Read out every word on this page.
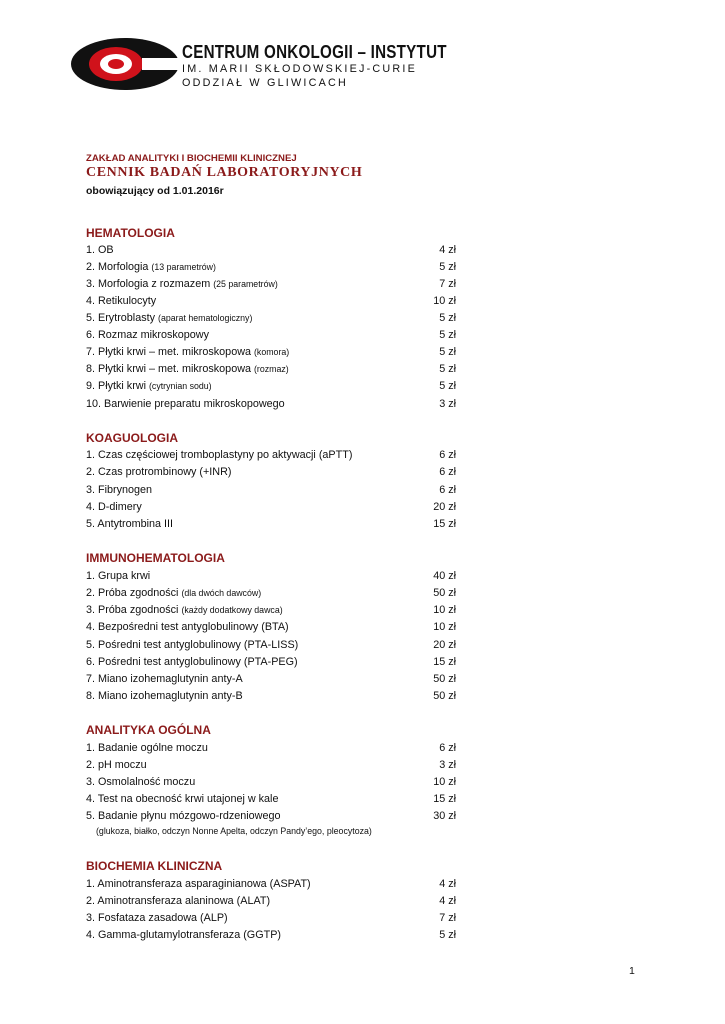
CENTRUM ONKOLOGII – INSTYTUT
IM. MARII SKŁODOWSKIEJ-CURIE
ODDZIAŁ W GLIWICACH
ZAKŁAD ANALITYKI I BIOCHEMII KLINICZNEJ
CENNIK BADAŃ LABORATORYJNYCH
obowiązujący od 1.01.2016r
HEMATOLOGIA
1. OB	4 zł
2. Morfologia (13 parametrów)	5 zł
3. Morfologia z rozmazem (25 parametrów)	7 zł
4. Retikulocyty	10 zł
5. Erytroblasty (aparat hematologiczny)	5 zł
6. Rozmaz mikroskopowy	5 zł
7. Płytki krwi – met. mikroskopowa (komora)	5 zł
8. Płytki krwi – met. mikroskopowa (rozmaz)	5 zł
9. Płytki krwi (cytrynian sodu)	5 zł
10. Barwienie preparatu mikroskopowego	3 zł
KOAGUOLOGIA
1. Czas częściowej tromboplastyny po aktywacji (aPTT)	6 zł
2. Czas protrombinowy (+INR)	6 zł
3. Fibrynogen	6 zł
4. D-dimery	20 zł
5. Antytrombina III	15 zł
IMMUNOHEMATOLOGIA
1. Grupa krwi	40 zł
2. Próba zgodności (dla dwóch dawców)	50 zł
3. Próba zgodności (każdy dodatkowy dawca)	10 zł
4. Bezpośredni test antyglobulinowy (BTA)	10 zł
5. Pośredni test antyglobulinowy (PTA-LISS)	20 zł
6. Pośredni test antyglobulinowy (PTA-PEG)	15 zł
7. Miano izohemaglutynin anty-A	50 zł
8. Miano izohemaglutynin anty-B	50 zł
ANALITYKA OGÓLNA
1. Badanie ogólne moczu	6 zł
2. pH moczu	3 zł
3. Osmolalność moczu	10 zł
4. Test na obecność krwi utajonej w kale	15 zł
5. Badanie płynu mózgowo-rdzeniowego	30 zł
(glukoza, białko, odczyn Nonne Apelta, odczyn Pandy’ego, pleocytoza)
BIOCHEMIA KLINICZNA
1. Aminotransferaza asparaginianowa (ASPAT)	4 zł
2. Aminotransferaza alaninowa (ALAT)	4 zł
3. Fosfataza zasadowa (ALP)	7 zł
4. Gamma-glutamylotransferaza (GGTP)	5 zł
1
